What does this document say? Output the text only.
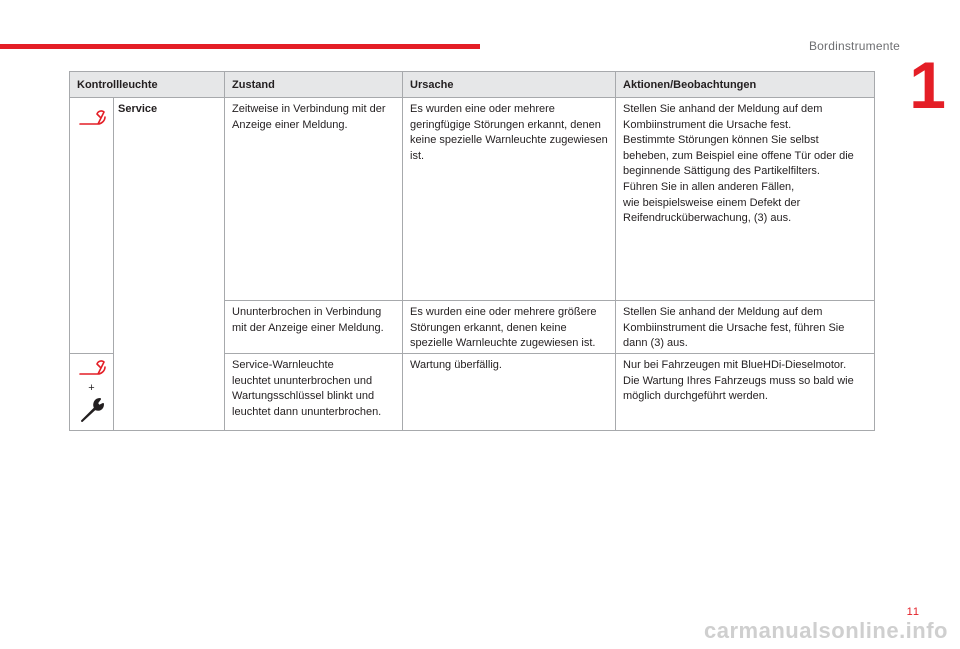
Bordinstrumente
1
Kontrollleuchte		Zustand	Ursache	Aktionen/Beobachtungen

Service	Zeitweise in Verbindung mit der Anzeige einer Meldung.	Es wurden eine oder mehrere geringfügige Störungen erkannt, denen keine spezielle Warnleuchte zugewiesen ist.	Stellen Sie anhand der Meldung auf dem Kombiinstrument die Ursache fest.
Bestimmte Störungen können Sie selbst beheben, zum Beispiel eine offene Tür oder die beginnende Sättigung des Partikelfilters.
Führen Sie in allen anderen Fällen,
wie beispielsweise einem Defekt der Reifendrucküberwachung, (3) aus.

		Ununterbrochen in Verbindung mit der Anzeige einer Meldung.	Es wurden eine oder mehrere größere Störungen erkannt, denen keine spezielle Warnleuchte zugewiesen ist.	Stellen Sie anhand der Meldung auf dem Kombiinstrument die Ursache fest, führen Sie dann (3) aus.

+		Service-Warnleuchte
leuchtet ununterbrochen und Wartungsschlüssel blinkt und leuchtet dann ununterbrochen.	Wartung überfällig.	Nur bei Fahrzeugen mit BlueHDi-Dieselmotor.
Die Wartung Ihres Fahrzeugs muss so bald wie möglich durchgeführt werden.
11
carmanualsonline.info
